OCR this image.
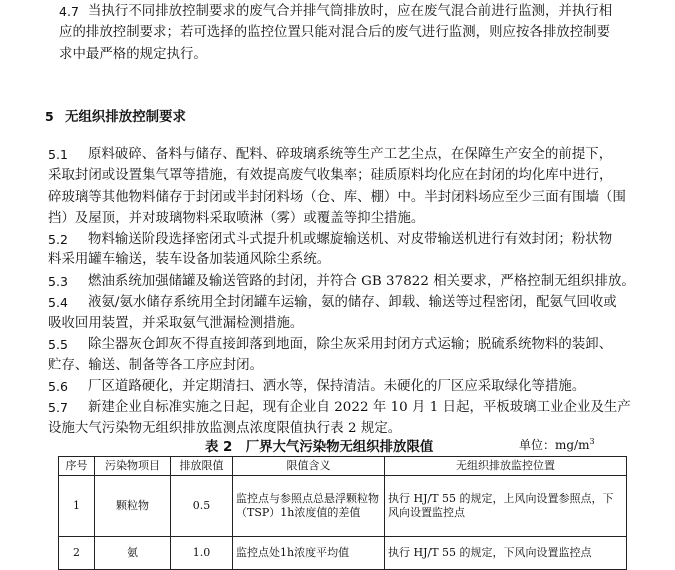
4.7 当执行不同排放控制要求的废气合并排气筒排放时，应在废气混合前进行监测，并执行相
应的排放控制要求；若可选择的监控位置只能对混合后的废气进行监测，则应按各排放控制要
求中最严格的规定执行。
5 无组织排放控制要求
5.1 原料破碎、备料与储存、配料、碎玻璃系统等生产工艺尘点，在保障生产安全的前提下，
采取封闭或设置集气罩等措施，有效提高废气收集率；硅质原料均化应在封闭的均化库中进行，
碎玻璃等其他物料储存于封闭或半封闭料场（仓、库、棚）中。半封闭料场应至少三面有围墙（围
挡）及屋顶，并对玻璃物料采取喷淋（雾）或覆盖等抑尘措施。
5.2 物料输送阶段选择密闭式斗式提升机或螺旋输送机、对皮带输送机进行有效封闭；粉状物
料采用罐车输送，装车设备加装通风除尘系统。
5.3 燃油系统加强储罐及输送管路的封闭，并符合 GB 37822 相关要求，严格控制无组织排放。
5.4 液氨/氨水储存系统用全封闭罐车运输，氨的储存、卸载、输送等过程密闭，配氨气回收或
吸收回用装置，并采取氨气泄漏检测措施。
5.5 除尘器灰仓卸灰不得直接卸落到地面，除尘灰采用封闭方式运输；脱硫系统物料的装卸、
贮存、输送、制备等各工序应封闭。
5.6 厂区道路硬化，并定期清扫、洒水等，保持清洁。未硬化的厂区应采取绿化等措施。
5.7 新建企业自标准实施之日起，现有企业自 2022 年 10 月 1 日起，平板玻璃工业企业及生产
设施大气污染物无组织排放监测点浓度限值执行表 2 规定。
表 2　厂界大气污染物无组织排放限值	单位：$mg/m^3$
序号	污染物项目	排放限值	限值含义	无组织排放监控位置
1	颗粒物	0.5	监控点与参照点总悬浮颗粒物（TSP）1h浓度值的差值	执行 HJ/T 55 的规定，上风向设置参照点，下风向设置监控点
2	氨	1.0	监控点处1h浓度平均值	执行 HJ/T 55 的规定，下风向设置监控点
